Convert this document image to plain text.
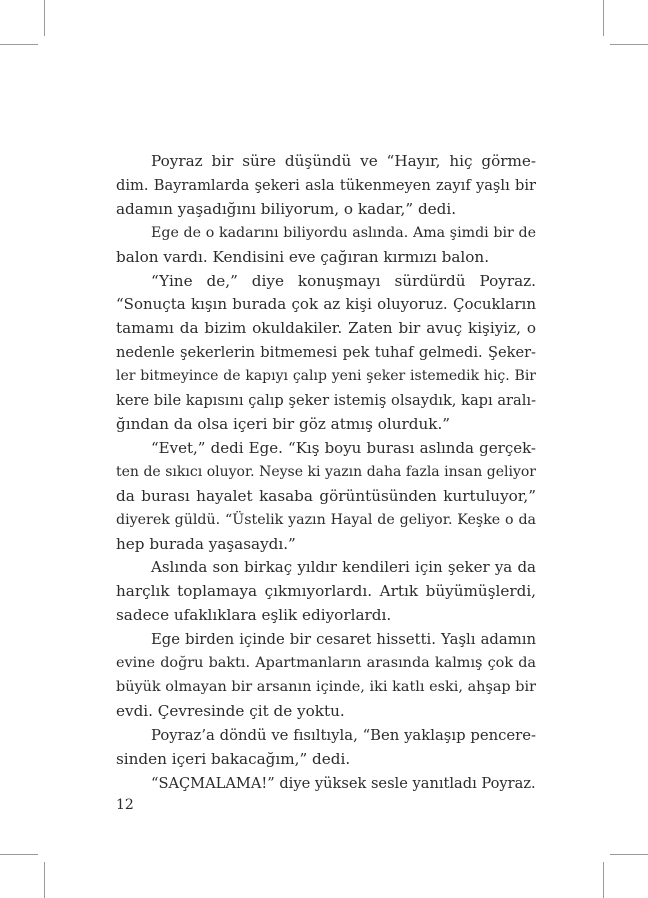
Poyraz bir süre düşündü ve “Hayır, hiç görme-
dim. Bayramlarda şekeri asla tükenmeyen zayıf yaşlı bir
adamın yaşadığını biliyorum, o kadar,” dedi.

Ege de o kadarını biliyordu aslında. Ama şimdi bir de
balon vardı. Kendisini eve çağıran kırmızı balon.

“Yine de,” diye konuşmayı sürdürdü Poyraz.
“Sonuçta kışın burada çok az kişi oluyoruz. Çocukların
tamamı da bizim okuldakiler. Zaten bir avuç kişiyiz, o
nedenle şekerlerin bitmemesi pek tuhaf gelmedi. Şeker-
ler bitmeyince de kapıyı çalıp yeni şeker istemedik hiç. Bir
kere bile kapısını çalıp şeker istemiş olsaydık, kapı aralı-
ğından da olsa içeri bir göz atmış olurduk.”

“Evet,” dedi Ege. “Kış boyu burası aslında gerçek-
ten de sıkıcı oluyor. Neyse ki yazın daha fazla insan geliyor
da burası hayalet kasaba görüntüsünden kurtuluyor,”
diyerek güldü. “Üstelik yazın Hayal de geliyor. Keşke o da
hep burada yaşasaydı.”

Aslında son birkaç yıldır kendileri için şeker ya da
harçlık toplamaya çıkmıyorlardı. Artık büyümüşlerdi,
sadece ufaklıklara eşlik ediyorlardı.

Ege birden içinde bir cesaret hissetti. Yaşlı adamın
evine doğru baktı. Apartmanların arasında kalmış çok da
büyük olmayan bir arsanın içinde, iki katlı eski, ahşap bir
evdi. Çevresinde çit de yoktu.

Poyraz’a döndü ve fısıltıyla, “Ben yaklaşıp pencere-
sinden içeri bakacağım,” dedi.

“SAÇMALAMA!” diye yüksek sesle yanıtladı Poyraz.

12
